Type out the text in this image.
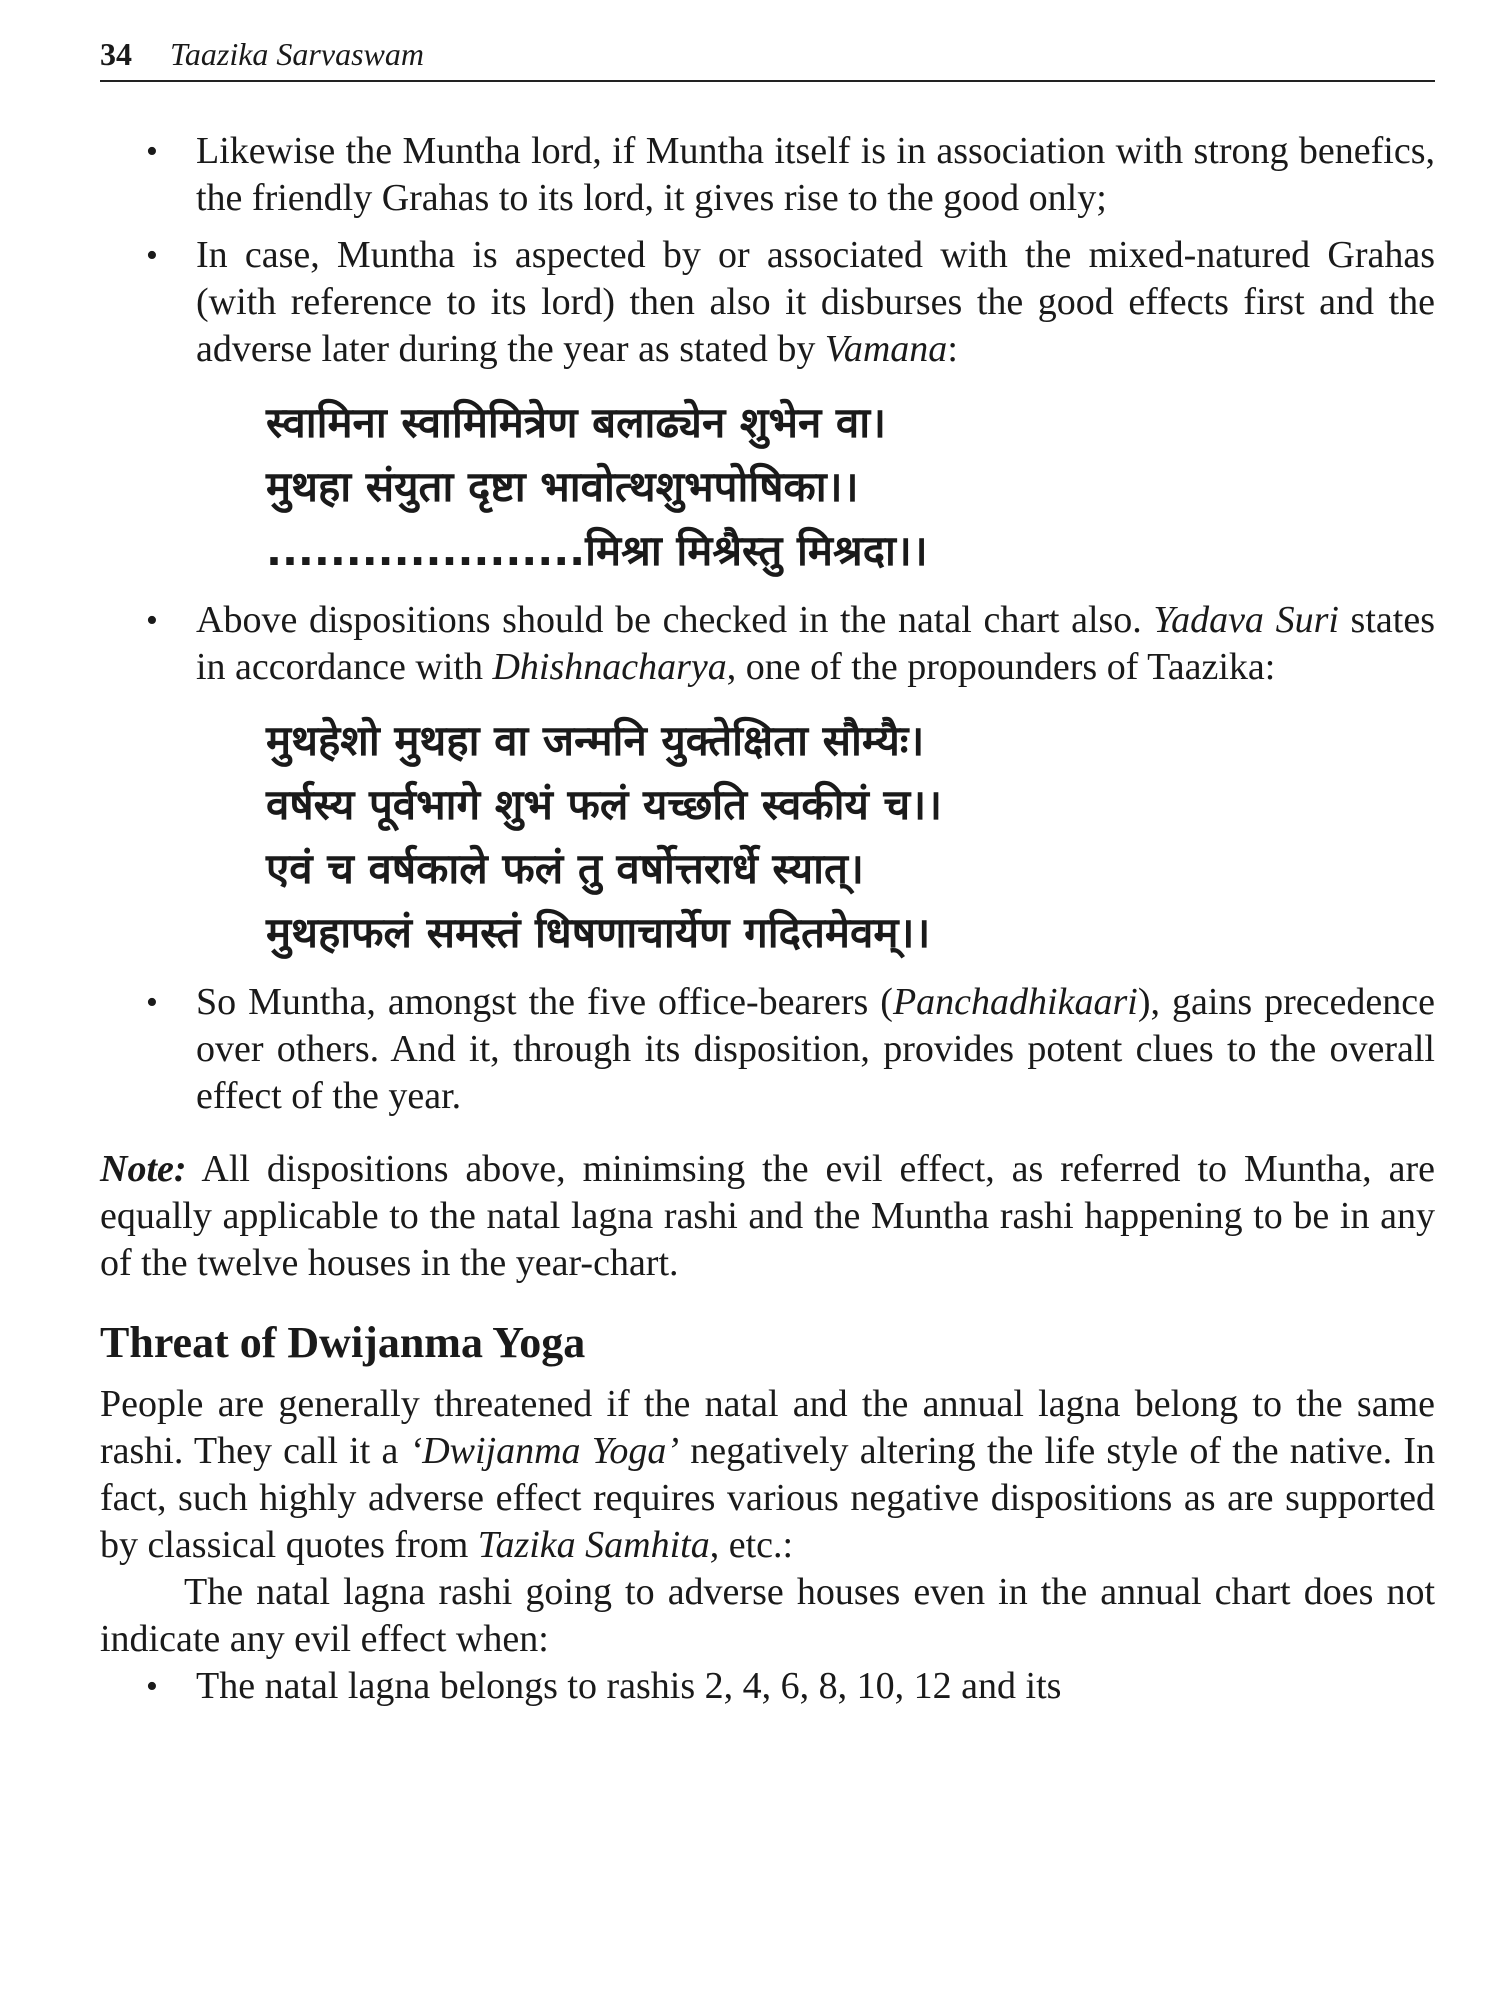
34 Taazika Sarvaswam
• Likewise the Muntha lord, if Muntha itself is in association with strong benefics, the friendly Grahas to its lord, it gives rise to the good only;
• In case, Muntha is aspected by or associated with the mixed-natured Grahas (with reference to its lord) then also it disburses the good effects first and the adverse later during the year as stated by Vamana:
स्वामिना स्वामिमित्रेण बलाढ्येन शुभेन वा।
मुथहा संयुता दृष्टा भावोत्थशुभपोषिका।।
....................मिश्रा मिश्रैस्तु मिश्रदा।।
• Above dispositions should be checked in the natal chart also. Yadava Suri states in accordance with Dhishnacharya, one of the propounders of Taazika:
मुथहेशो मुथहा वा जन्मनि युक्तेक्षिता सौम्यैः।
वर्षस्य पूर्वभागे शुभं फलं यच्छति स्वकीयं च।।
एवं च वर्षकाले फलं तु वर्षोत्तरार्धे स्यात्।
मुथहाफलं समस्तं धिषणाचार्येण गदितमेवम्।।
• So Muntha, amongst the five office-bearers (Panchadhikaari), gains precedence over others. And it, through its disposition, provides potent clues to the overall effect of the year.
Note: All dispositions above, minimsing the evil effect, as referred to Muntha, are equally applicable to the natal lagna rashi and the Muntha rashi happening to be in any of the twelve houses in the year-chart.
Threat of Dwijanma Yoga
People are generally threatened if the natal and the annual lagna belong to the same rashi. They call it a ‘Dwijanma Yoga’ negatively altering the life style of the native. In fact, such highly adverse effect requires various negative dispositions as are supported by classical quotes from Tazika Samhita, etc.:
The natal lagna rashi going to adverse houses even in the annual chart does not indicate any evil effect when:
• The natal lagna belongs to rashis 2, 4, 6, 8, 10, 12 and its
